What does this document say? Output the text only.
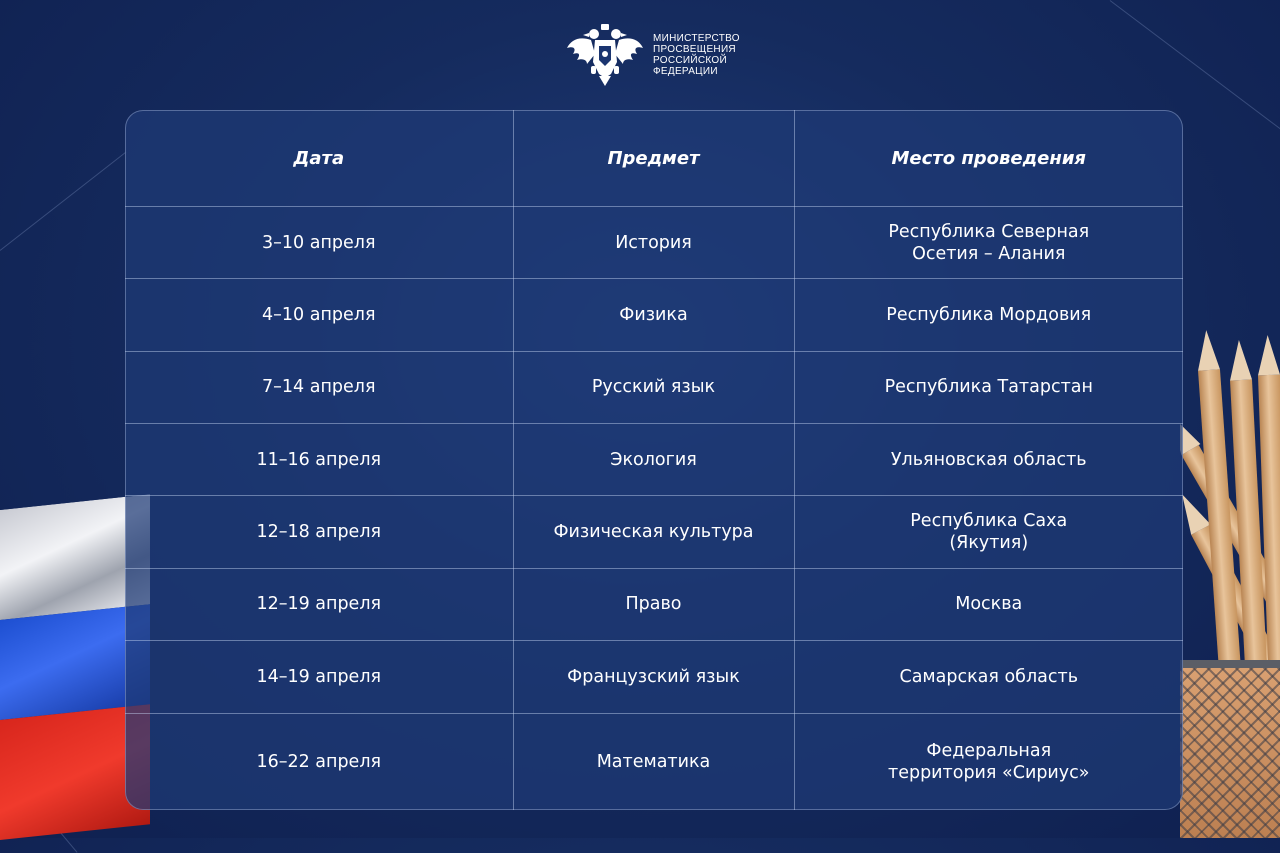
МИНИСТЕРСТВО
ПРОСВЕЩЕНИЯ
РОССИЙСКОЙ
ФЕДЕРАЦИИ
Дата	Предмет	Место проведения
3–10 апреля	История	Республика Северная
Осетия – Алания
4–10 апреля	Физика	Республика Мордовия
7–14 апреля	Русский язык	Республика Татарстан
11–16 апреля	Экология	Ульяновская область
12–18 апреля	Физическая культура	Республика Саха
(Якутия)
12–19 апреля	Право	Москва
14–19 апреля	Французский язык	Самарская область
16–22 апреля	Математика	Федеральная
территория «Сириус»
